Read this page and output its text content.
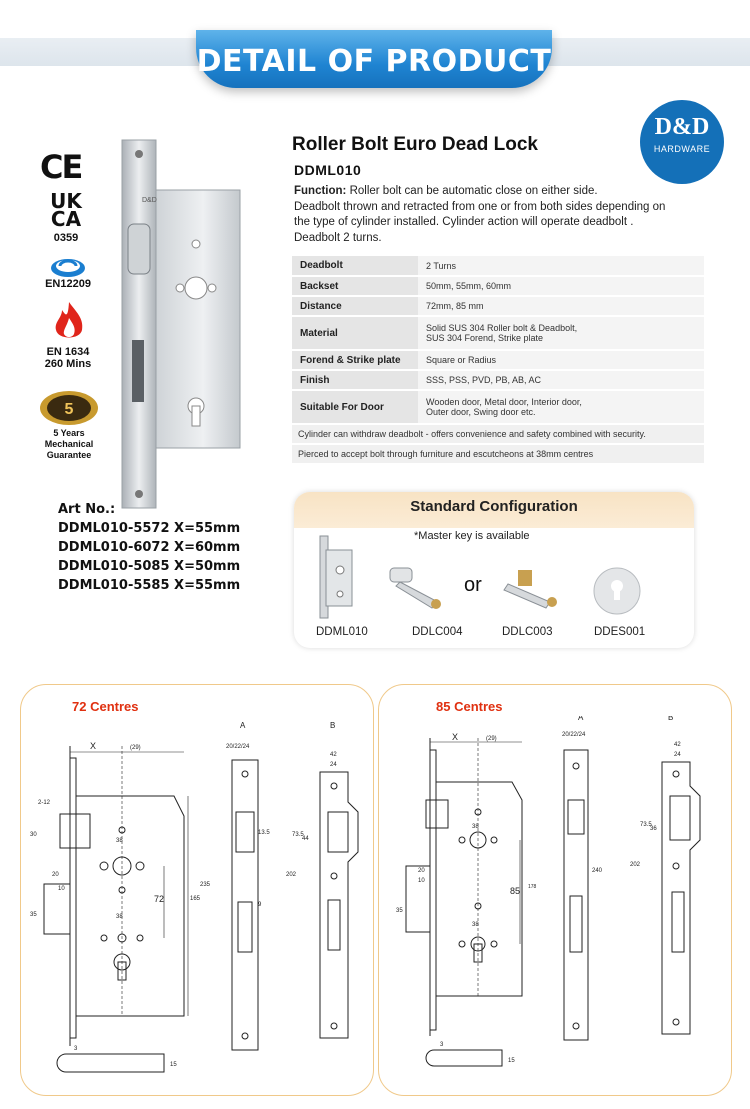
DETAIL OF PRODUCT
D&D
HARDWARE
CE
UK CA
0359
EN12209
EN 1634
260 Mins
5
5 Years
Mechanical
Guarantee
D&D
Roller Bolt Euro Dead Lock
DDML010
Function: Roller bolt can be automatic close on either side.
Deadbolt thrown and retracted from one or from both sides depending on
the type of cylinder installed. Cylinder action will operate deadbolt .
Deadbolt 2 turns.
Deadbolt	2 Turns
Backset	50mm, 55mm, 60mm
Distance	72mm, 85 mm
Material	Solid SUS 304 Roller bolt & Deadbolt,
SUS 304 Forend, Strike plate

Forend & Strike plate	Square or Radius
Finish	SSS, PSS, PVD, PB, AB, AC
Suitable For Door	Wooden door, Metal door, Interior door,
Outer door, Swing door etc.

Cylinder can withdraw deadbolt - offers convenience and safety combined with security.	
Pierced to accept bolt through furniture and escutcheons at 38mm centres	
Art No.:
DDML010-5572 X=55mm
DDML010-6072 X=60mm
DDML010-5085 X=50mm
DDML010-5585 X=55mm
Standard Configuration
*Master key is available
or
DDML010	DDLC004	DDLC003	DDES001
72 Centres	85 Centres
X	(29)
2-12
38
30
20
10
35	38
72	165
A
20/22/24
13.5
235
9
B
42
24
73.5
44
202
3
15
X	(29)
38
20
10
35
38
85 178
A
20/22/24
240
B
42
24
73.5
36
202
3
15
